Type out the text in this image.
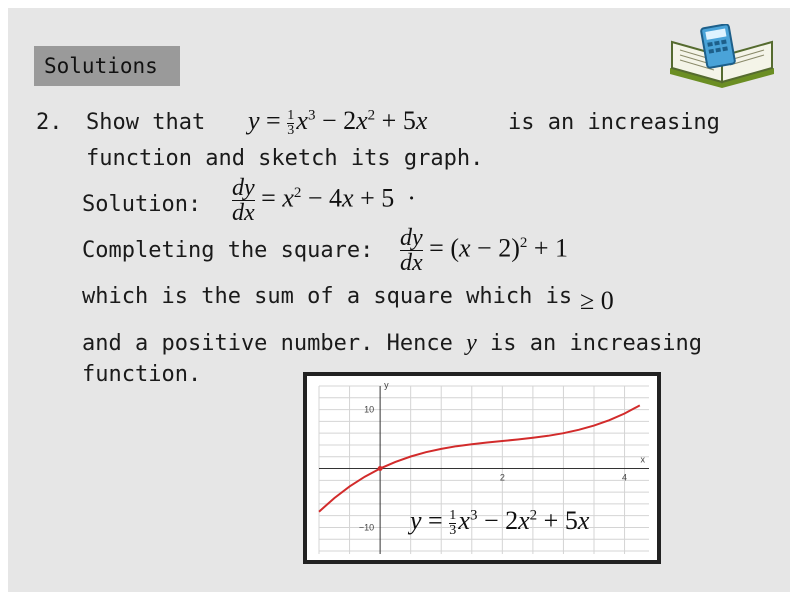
Solutions
2. Show that $y = \frac{1}{3}$
  $x^3 - 2x^2 + 5x$	is an increasing
function and sketch its graph.
Solution: $\frac{dy}{dx} = x^2 - 4x + 5$  ·
Completing the square: $\frac{dy}{dx} = (x - 2)^2 + 1$
which is the sum of a square which is ≥ 0
and a positive number. Hence y is an increasing
function.
x
y
2	4
10
−10 $y = \frac{1}{3}$
  $x^3 - 2x^2 + 5x$
